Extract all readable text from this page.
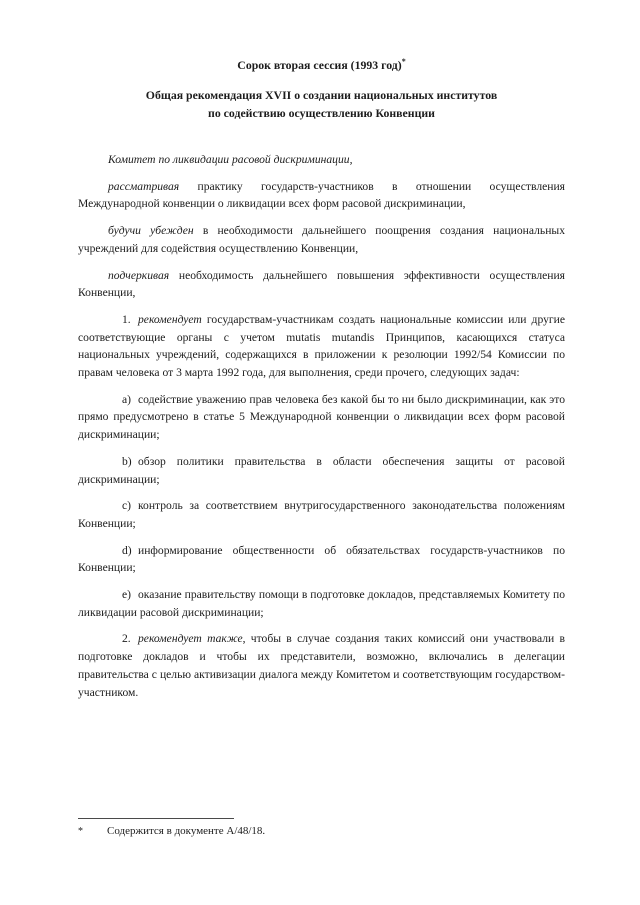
Сорок вторая сессия (1993 год)*
Общая рекомендация XVII о создании национальных институтов
по содействию осуществлению Конвенции

Комитет по ликвидации расовой дискриминации,

рассматривая практику государств-участников в отношении осуществления Международной конвенции о ликвидации всех форм расовой дискриминации,

будучи убежден в необходимости дальнейшего поощрения создания национальных учреждений для содействия осуществлению Конвенции,

подчеркивая необходимость дальнейшего повышения эффективности осуществления Конвенции,

1. рекомендует государствам-участникам создать национальные комиссии или другие соответствующие органы с учетом mutatis mutandis Принципов, касающихся статуса национальных учреждений, содержащихся в приложении к резолюции 1992/54 Комиссии по правам человека от 3 марта 1992 года, для выполнения, среди прочего, следующих задач:

a) содействие уважению прав человека без какой бы то ни было дискриминации, как это прямо предусмотрено в статье 5 Международной конвенции о ликвидации всех форм расовой дискриминации;

b) обзор политики правительства в области обеспечения защиты от расовой дискриминации;

c) контроль за соответствием внутригосударственного законодательства положениям Конвенции;

d) информирование общественности об обязательствах государств-участников по Конвенции;

e) оказание правительству помощи в подготовке докладов, представляемых Комитету по ликвидации расовой дискриминации;

2. рекомендует также, чтобы в случае создания таких комиссий они участвовали в подготовке докладов и чтобы их представители, возможно, включались в делегации правительства с целью активизации диалога между Комитетом и соответствующим государством-участником.

* Содержится в документе A/48/18.
